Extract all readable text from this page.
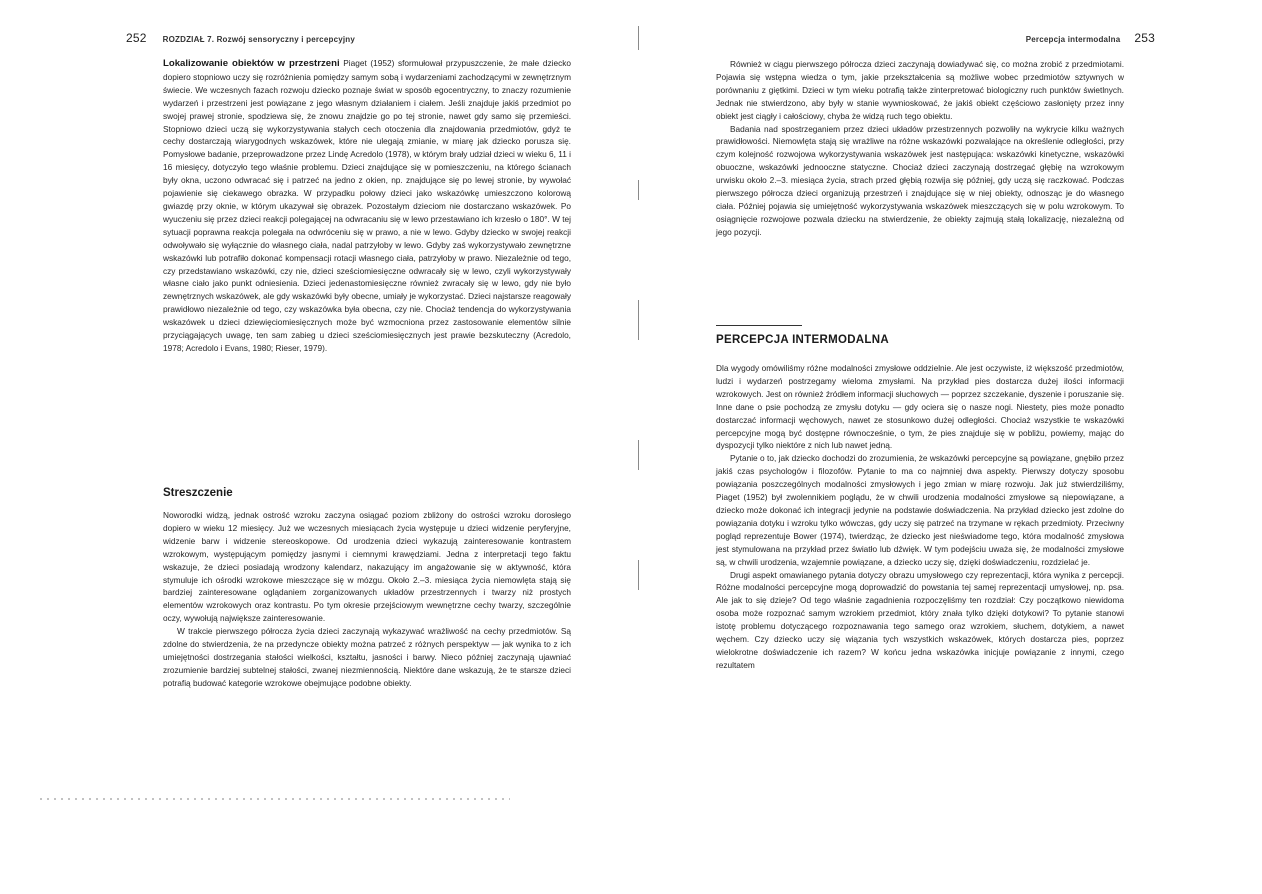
252 ROZDZIAŁ 7. Rozwój sensoryczny i percepcyjny

Lokalizowanie obiektów w przestrzeni Piaget (1952) sformułował przypuszczenie, że małe dziecko dopiero stopniowo uczy się rozróżnienia pomiędzy samym sobą i wydarzeniami zachodzącymi w zewnętrznym świecie. We wczesnych fazach rozwoju dziecko poznaje świat w sposób egocentryczny, to znaczy rozumienie wydarzeń i przestrzeni jest powiązane z jego własnym działaniem i ciałem. Jeśli znajduje jakiś przedmiot po swojej prawej stronie, spodziewa się, że znowu znajdzie go po tej stronie, nawet gdy samo się przemieści. Stopniowo dzieci uczą się wykorzystywania stałych cech otoczenia dla znajdowania przedmiotów, gdyż te cechy dostarczają wiarygodnych wskazówek, które nie ulegają zmianie, w miarę jak dziecko porusza się. Pomysłowe badanie, przeprowadzone przez Lindę Acredolo (1978), w którym brały udział dzieci w wieku 6, 11 i 16 miesięcy, dotyczyło tego właśnie problemu. Dzieci znajdujące się w pomieszczeniu, na którego ścianach były okna, uczono odwracać się i patrzeć na jedno z okien, np. znajdujące się po lewej stronie, by wywołać pojawienie się ciekawego obrazka. W przypadku połowy dzieci jako wskazówkę umieszczono kolorową gwiazdę przy oknie, w którym ukazywał się obrazek. Pozostałym dzieciom nie dostarczano wskazówek. Po wyuczeniu się przez dzieci reakcji polegającej na odwracaniu się w lewo przestawiano ich krzesło o 180°. W tej sytuacji poprawna reakcja polegała na odwróceniu się w prawo, a nie w lewo. Gdyby dziecko w swojej reakcji odwoływało się wyłącznie do własnego ciała, nadal patrzyłoby w lewo. Gdyby zaś wykorzystywało zewnętrzne wskazówki lub potrafiło dokonać kompensacji rotacji własnego ciała, patrzyłoby w prawo. Niezależnie od tego, czy przedstawiano wskazówki, czy nie, dzieci sześciomiesięczne odwracały się w lewo, czyli wykorzystywały własne ciało jako punkt odniesienia. Dzieci jedenastomiesięczne również zwracały się w lewo, gdy nie było zewnętrznych wskazówek, ale gdy wskazówki były obecne, umiały je wykorzystać. Dzieci najstarsze reagowały prawidłowo niezależnie od tego, czy wskazówka była obecna, czy nie. Chociaż tendencja do wykorzystywania wskazówek u dzieci dziewięciomiesięcznych może być wzmocniona przez zastosowanie elementów silnie przyciągających uwagę, ten sam zabieg u dzieci sześciomiesięcznych jest prawie bezskuteczny (Acredolo, 1978; Acredolo i Evans, 1980; Rieser, 1979).

Streszczenie

Noworodki widzą, jednak ostrość wzroku zaczyna osiągać poziom zbliżony do ostrości wzroku dorosłego dopiero w wieku 12 miesięcy. Już we wczesnych miesiącach życia występuje u dzieci widzenie peryferyjne, widzenie barw i widzenie stereoskopowe. Od urodzenia dzieci wykazują zainteresowanie kontrastem wzrokowym, występującym pomiędzy jasnymi i ciemnymi krawędziami. Jedna z interpretacji tego faktu wskazuje, że dzieci posiadają wrodzony kalendarz, nakazujący im angażowanie się w aktywność, która stymuluje ich ośrodki wzrokowe mieszczące się w mózgu. Około 2.–3. miesiąca życia niemowlęta stają się bardziej zainteresowane oglądaniem zorganizowanych układów przestrzennych i twarzy niż prostych elementów wzrokowych oraz kontrastu. Po tym okresie przejściowym wewnętrzne cechy twarzy, szczególnie oczy, wywołują największe zainteresowanie.

W trakcie pierwszego półrocza życia dzieci zaczynają wykazywać wrażliwość na cechy przedmiotów. Są zdolne do stwierdzenia, że na przedyncze obiekty można patrzeć z różnych perspektyw — jak wynika to z ich umiejętności dostrzegania stałości wielkości, kształtu, jasności i barwy. Nieco później zaczynają ujawniać zrozumienie bardziej subtelnej stałości, zwanej niezmiennością. Niektóre dane wskazują, że te starsze dzieci potrafią budować kategorie wzrokowe obejmujące podobne obiekty.

Percepcja intermodalna 253

Również w ciągu pierwszego półrocza dzieci zaczynają dowiadywać się, co można zrobić z przedmiotami. Pojawia się wstępna wiedza o tym, jakie przekształcenia są możliwe wobec przedmiotów sztywnych w porównaniu z giętkimi. Dzieci w tym wieku potrafią także zinterpretować biologiczny ruch punktów świetlnych. Jednak nie stwierdzono, aby były w stanie wywnioskować, że jakiś obiekt częściowo zasłonięty przez inny obiekt jest ciągły i całościowy, chyba że widzą ruch tego obiektu.

Badania nad spostrzeganiem przez dzieci układów przestrzennych pozwoliły na wykrycie kilku ważnych prawidłowości. Niemowlęta stają się wrażliwe na różne wskazówki pozwalające na określenie odległości, przy czym kolejność rozwojowa wykorzystywania wskazówek jest następująca: wskazówki kinetyczne, wskazówki obuoczne, wskazówki jednooczne statyczne. Chociaż dzieci zaczynają dostrzegać głębię na wzrokowym urwisku około 2.–3. miesiąca życia, strach przed głębią rozwija się później, gdy uczą się raczkować. Podczas pierwszego półrocza dzieci organizują przestrzeń i znajdujące się w niej obiekty, odnosząc je do własnego ciała. Później pojawia się umiejętność wykorzystywania wskazówek mieszczących się w polu wzrokowym. To osiągnięcie rozwojowe pozwala dziecku na stwierdzenie, że obiekty zajmują stałą lokalizację, niezależną od jego pozycji.

PERCEPCJA INTERMODALNA

Dla wygody omówiliśmy różne modalności zmysłowe oddzielnie. Ale jest oczywiste, iż większość przedmiotów, ludzi i wydarzeń postrzegamy wieloma zmysłami. Na przykład pies dostarcza dużej ilości informacji wzrokowych. Jest on również źródłem informacji słuchowych — poprzez szczekanie, dyszenie i poruszanie się. Inne dane o psie pochodzą ze zmysłu dotyku — gdy ociera się o nasze nogi. Niestety, pies może ponadto dostarczać informacji węchowych, nawet ze stosunkowo dużej odległości. Chociaż wszystkie te wskazówki percepcyjne mogą być dostępne równocześnie, o tym, że pies znajduje się w pobliżu, powiemy, mając do dyspozycji tylko niektóre z nich lub nawet jedną.

Pytanie o to, jak dziecko dochodzi do zrozumienia, że wskazówki percepcyjne są powiązane, gnębiło przez jakiś czas psychologów i filozofów. Pytanie to ma co najmniej dwa aspekty. Pierwszy dotyczy sposobu powiązania poszczególnych modalności zmysłowych i jego zmian w miarę rozwoju. Jak już stwierdziliśmy, Piaget (1952) był zwolennikiem poglądu, że w chwili urodzenia modalności zmysłowe są niepowiązane, a dziecko może dokonać ich integracji jedynie na podstawie doświadczenia. Na przykład dziecko jest zdolne do powiązania dotyku i wzroku tylko wówczas, gdy uczy się patrzeć na trzymane w rękach przedmioty. Przeciwny pogląd reprezentuje Bower (1974), twierdząc, że dziecko jest nieświadome tego, która modalność zmysłowa jest stymulowana na przykład przez światło lub dźwięk. W tym podejściu uważa się, że modalności zmysłowe są, w chwili urodzenia, wzajemnie powiązane, a dziecko uczy się, dzięki doświadczeniu, rozdzielać je.

Drugi aspekt omawianego pytania dotyczy obrazu umysłowego czy reprezentacji, która wynika z percepcji. Różne modalności percepcyjne mogą doprowadzić do powstania tej samej reprezentacji umysłowej, np. psa. Ale jak to się dzieje? Od tego właśnie zagadnienia rozpoczęliśmy ten rozdział: Czy początkowo niewidoma osoba może rozpoznać samym wzrokiem przedmiot, który znała tylko dzięki dotykowi? To pytanie stanowi istotę problemu dotyczącego rozpoznawania tego samego oraz wzrokiem, słuchem, dotykiem, a nawet węchem. Czy dziecko uczy się wiązania tych wszystkich wskazówek, których dostarcza pies, poprzez wielokrotne doświadczenie ich razem? W końcu jedna wskazówka inicjuje powiązanie z innymi, czego rezultatem
